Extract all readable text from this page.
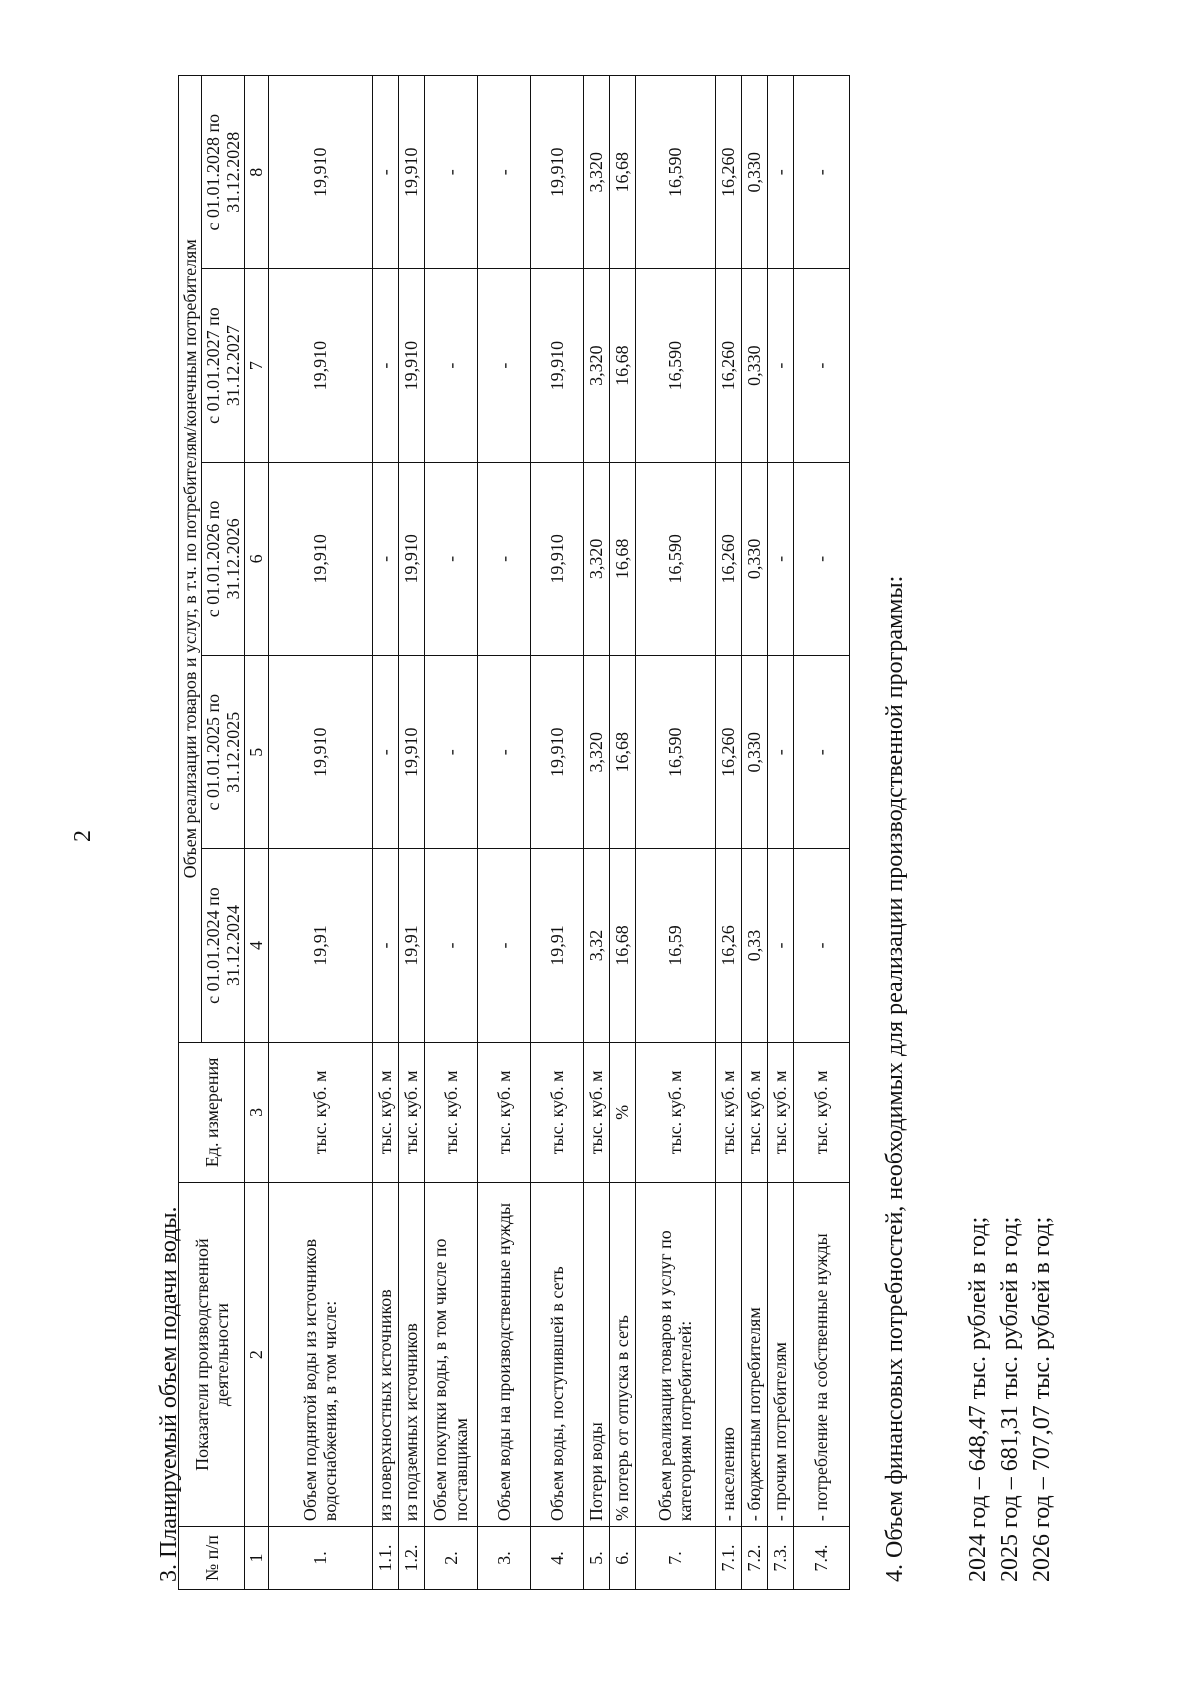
2
3. Планируемый объем подачи воды. № п/п	Показатели производственной деятельности	Ед. измерения	Объем реализации товаров и услуг, в т.ч. по потребителям/конечным потребителям				
			с 01.01.2024 по 31.12.2024	с 01.01.2025 по 31.12.2025	с 01.01.2026 по 31.12.2026	с 01.01.2027 по 31.12.2027	с 01.01.2028 по 31.12.2028
1	2	3	4	5	6	7	8
1.	Объем поднятой воды из источников водоснабжения, в том числе:	тыс. куб. м	19,91	19,910	19,910	19,910	19,910
1.1.	из поверхностных источников	тыс. куб. м	-	-	-	-	-
1.2.	из подземных источников	тыс. куб. м	19,91	19,910	19,910	19,910	19,910
2.	Объем покупки воды, в том числе по поставщикам	тыс. куб. м	-	-	-	-	-
3.	Объем воды на производственные нужды	тыс. куб. м	-	-	-	-	-
4.	Объем воды, поступившей в сеть	тыс. куб. м	19,91	19,910	19,910	19,910	19,910
5.	Потери воды	тыс. куб. м	3,32	3,320	3,320	3,320	3,320
6.	% потерь от отпуска в сеть	%	16,68	16,68	16,68	16,68	16,68
7.	Объем реализации товаров и услуг по категориям потребителей:	тыс. куб. м	16,59	16,590	16,590	16,590	16,590
7.1.	- населению	тыс. куб. м	16,26	16,260	16,260	16,260	16,260
7.2.	- бюджетным потребителям	тыс. куб. м	0,33	0,330	0,330	0,330	0,330
7.3.	- прочим потребителям	тыс. куб. м	-	-	-	-	-
7.4.	- потребление на собственные нужды	тыс. куб. м	-	-	-	-	-
4. Объем финансовых потребностей, необходимых для реализации производственной программы: 2024 год – 648,47 тыс. рублей в год; 2025 год – 681,31 тыс. рублей в год; 2026 год – 707,07 тыс. рублей в год;
